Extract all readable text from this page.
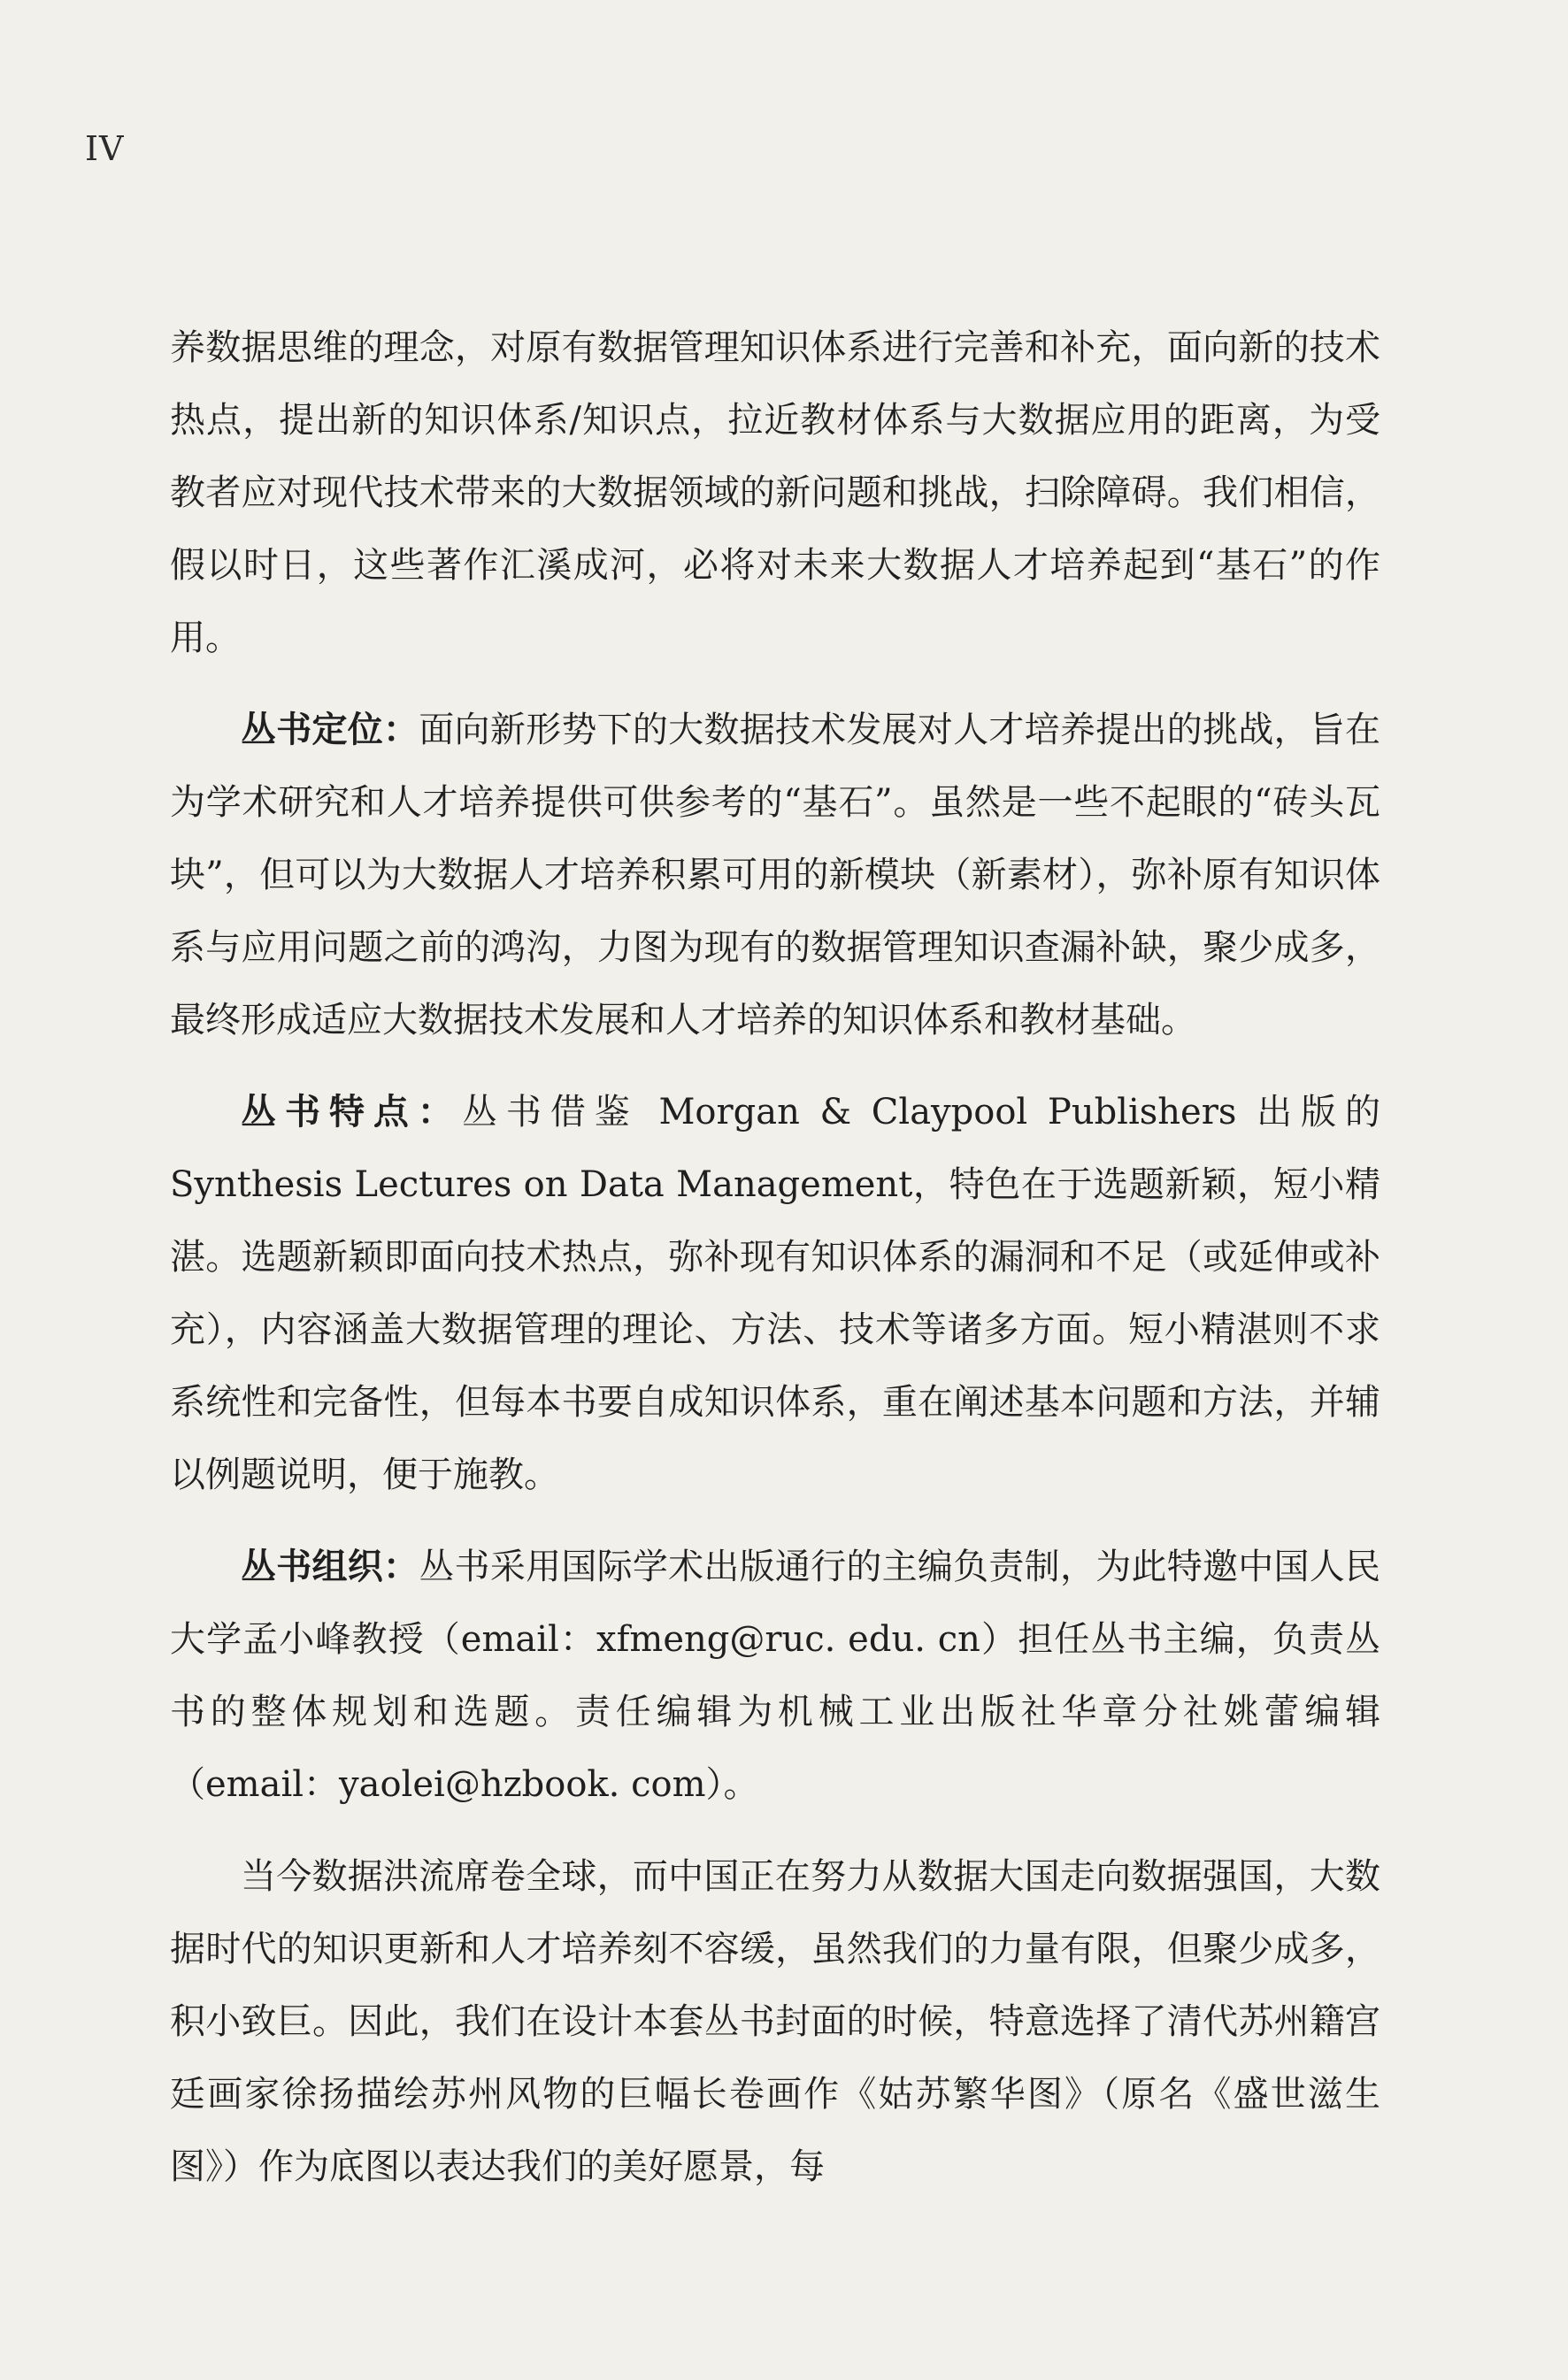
IV

养数据思维的理念，对原有数据管理知识体系进行完善和补充，面向新的技术热点，提出新的知识体系/知识点，拉近教材体系与大数据应用的距离，为受教者应对现代技术带来的大数据领域的新问题和挑战，扫除障碍。我们相信，假以时日，这些著作汇溪成河，必将对未来大数据人才培养起到“基石”的作用。

丛书定位：面向新形势下的大数据技术发展对人才培养提出的挑战，旨在为学术研究和人才培养提供可供参考的“基石”。虽然是一些不起眼的“砖头瓦块”，但可以为大数据人才培养积累可用的新模块（新素材），弥补原有知识体系与应用问题之前的鸿沟，力图为现有的数据管理知识查漏补缺，聚少成多，最终形成适应大数据技术发展和人才培养的知识体系和教材基础。

丛书特点：丛书借鉴 Morgan & Claypool Publishers 出版的 Synthesis Lectures on Data Management，特色在于选题新颖，短小精湛。选题新颖即面向技术热点，弥补现有知识体系的漏洞和不足（或延伸或补充），内容涵盖大数据管理的理论、方法、技术等诸多方面。短小精湛则不求系统性和完备性，但每本书要自成知识体系，重在阐述基本问题和方法，并辅以例题说明，便于施教。

丛书组织：丛书采用国际学术出版通行的主编负责制，为此特邀中国人民大学孟小峰教授（email：xfmeng@ruc. edu. cn）担任丛书主编，负责丛书的整体规划和选题。责任编辑为机械工业出版社华章分社姚蕾编辑（email：yaolei@hzbook. com）。

当今数据洪流席卷全球，而中国正在努力从数据大国走向数据强国，大数据时代的知识更新和人才培养刻不容缓，虽然我们的力量有限，但聚少成多，积小致巨。因此，我们在设计本套丛书封面的时候，特意选择了清代苏州籍宫廷画家徐扬描绘苏州风物的巨幅长卷画作《姑苏繁华图》（原名《盛世滋生图》）作为底图以表达我们的美好愿景，每
